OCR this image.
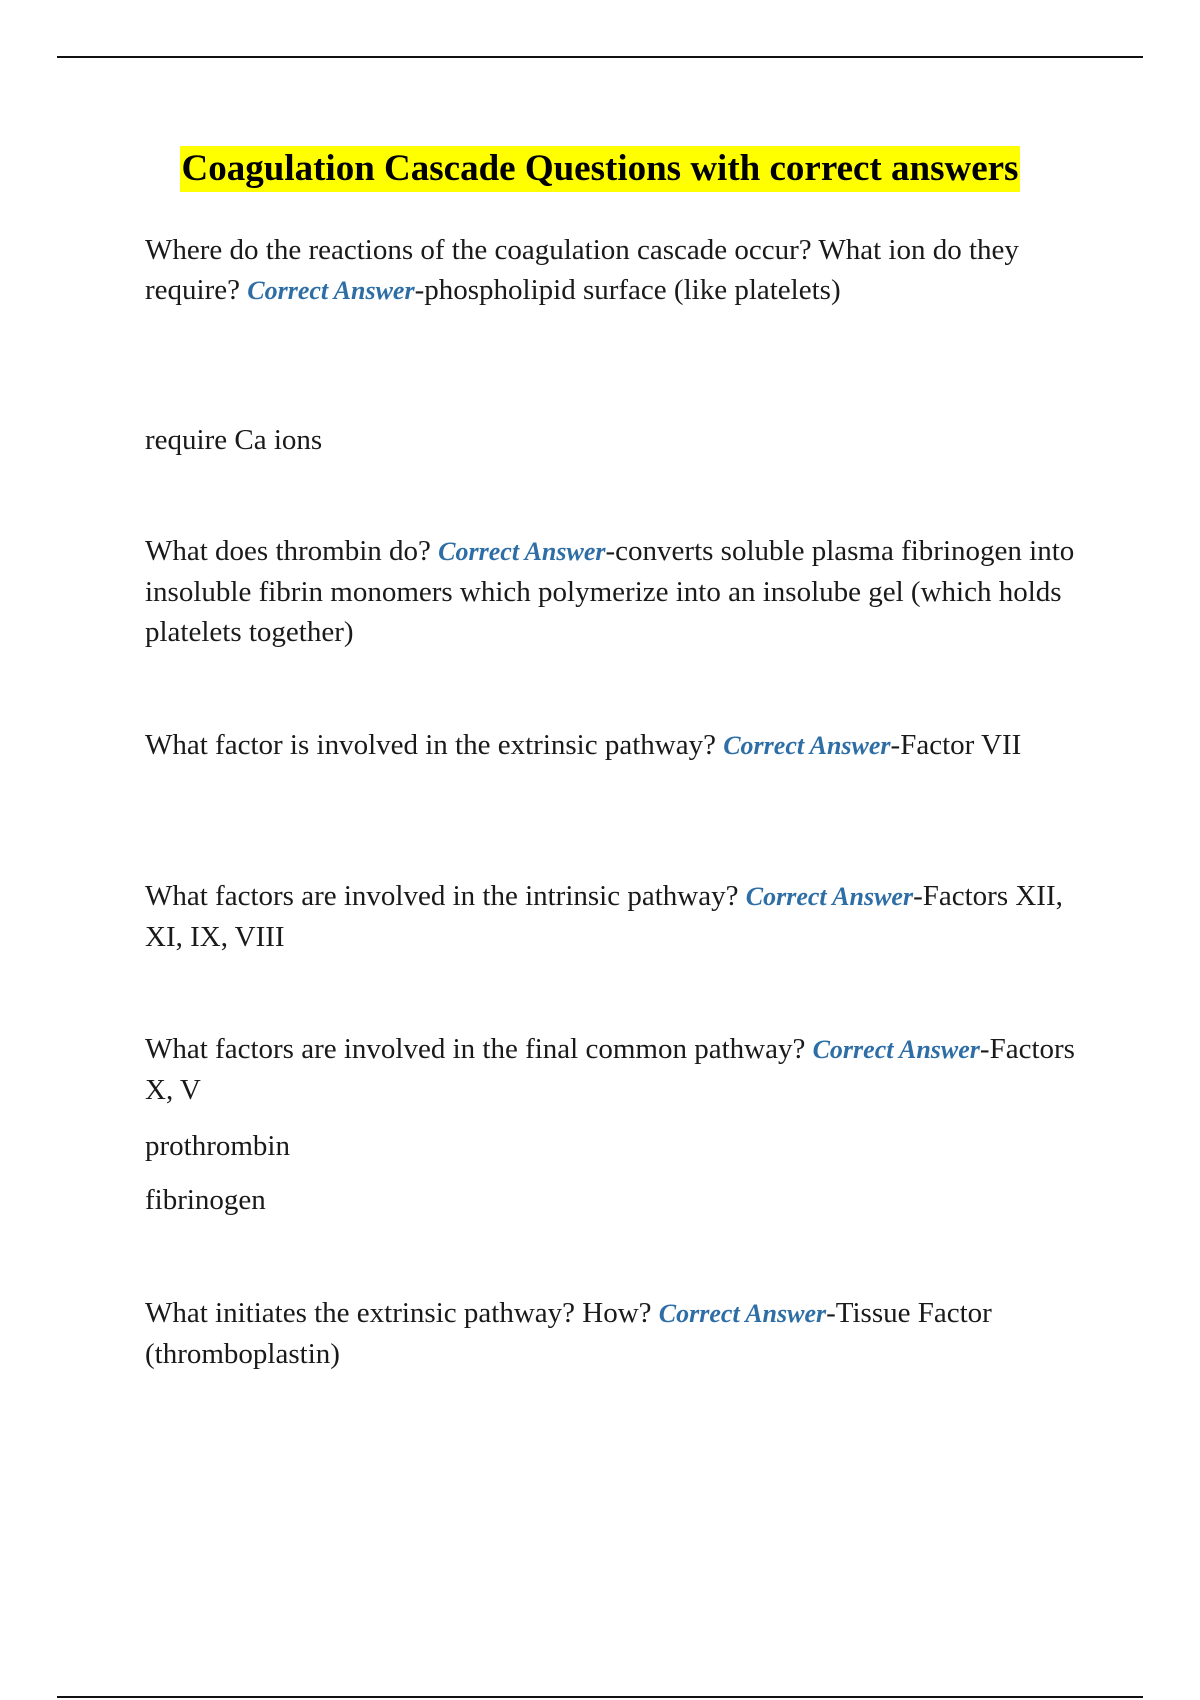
Coagulation Cascade Questions with correct answers

Where do the reactions of the coagulation cascade occur? What ion do they require? Correct Answer-phospholipid surface (like platelets)

require Ca ions

What does thrombin do? Correct Answer-converts soluble plasma fibrinogen into insoluble fibrin monomers which polymerize into an insolube gel (which holds platelets together)

What factor is involved in the extrinsic pathway? Correct Answer-Factor VII

What factors are involved in the intrinsic pathway? Correct Answer-Factors XII, XI, IX, VIII

What factors are involved in the final common pathway? Correct Answer-Factors X, V

prothrombin

fibrinogen

What initiates the extrinsic pathway? How? Correct Answer-Tissue Factor (thromboplastin)
